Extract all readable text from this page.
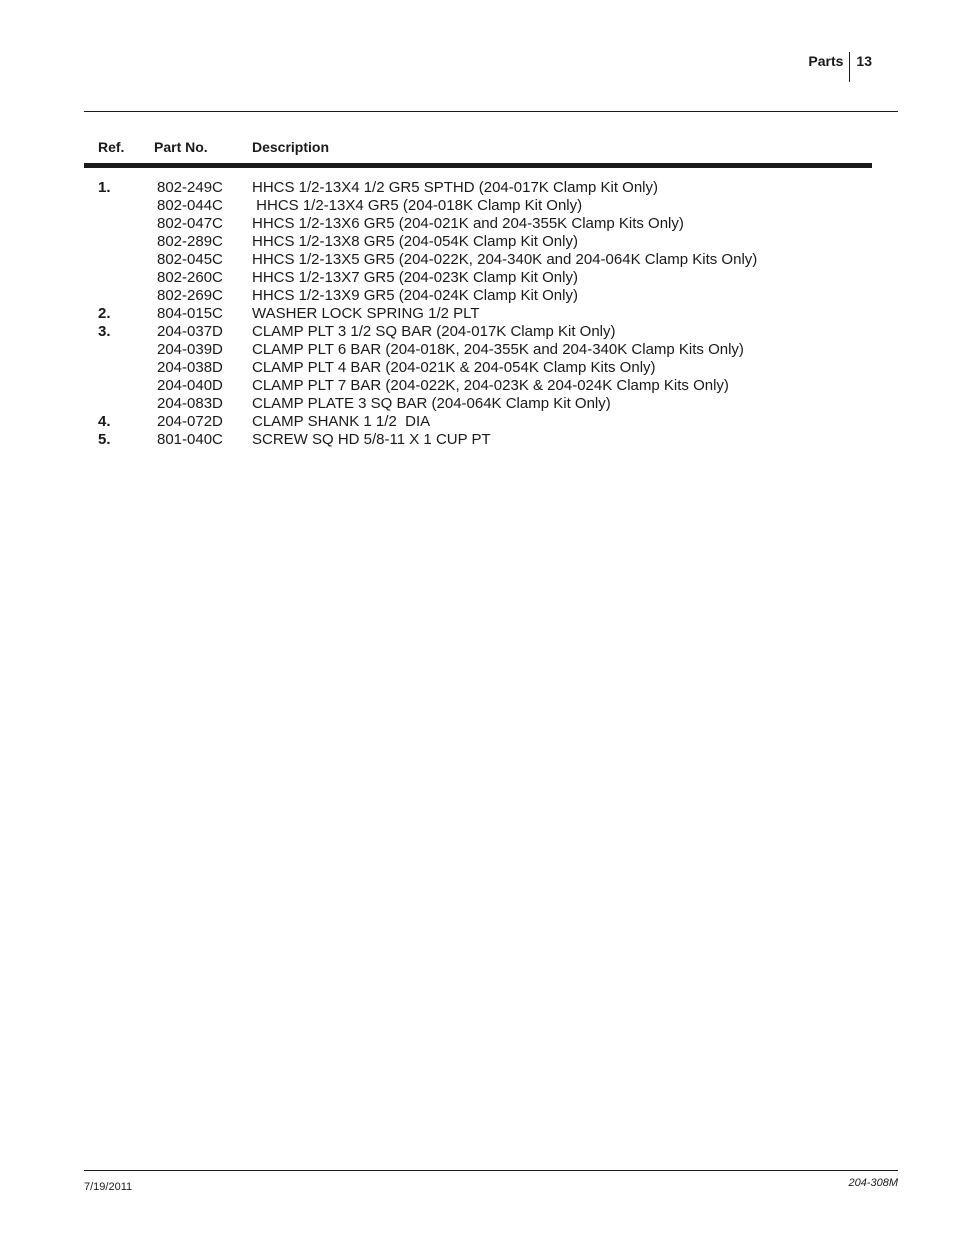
Parts 13
Ref. Part No.	Description
1.	802-249C HHCS 1/2-13X4 1/2 GR5 SPTHD (204-017K Clamp Kit Only)
802-044C HHCS 1/2-13X4 GR5 (204-018K Clamp Kit Only)
802-047C HHCS 1/2-13X6 GR5 (204-021K and 204-355K Clamp Kits Only)
802-289C HHCS 1/2-13X8 GR5 (204-054K Clamp Kit Only)
802-045C HHCS 1/2-13X5 GR5 (204-022K, 204-340K and 204-064K Clamp Kits Only)
802-260C HHCS 1/2-13X7 GR5 (204-023K Clamp Kit Only)
802-269C HHCS 1/2-13X9 GR5 (204-024K Clamp Kit Only)
2.	804-015C WASHER LOCK SPRING 1/2 PLT
3.	204-037D CLAMP PLT 3 1/2 SQ BAR (204-017K Clamp Kit Only)
204-039D CLAMP PLT 6 BAR (204-018K, 204-355K and 204-340K Clamp Kits Only)
204-038D CLAMP PLT 4 BAR (204-021K & 204-054K Clamp Kits Only)
204-040D CLAMP PLT 7 BAR (204-022K, 204-023K & 204-024K Clamp Kits Only)
204-083D CLAMP PLATE 3 SQ BAR (204-064K Clamp Kit Only)
4.	204-072D CLAMP SHANK 1 1/2  DIA
5.	801-040C SCREW SQ HD 5/8-11 X 1 CUP PT
7/19/2011	204-308M
